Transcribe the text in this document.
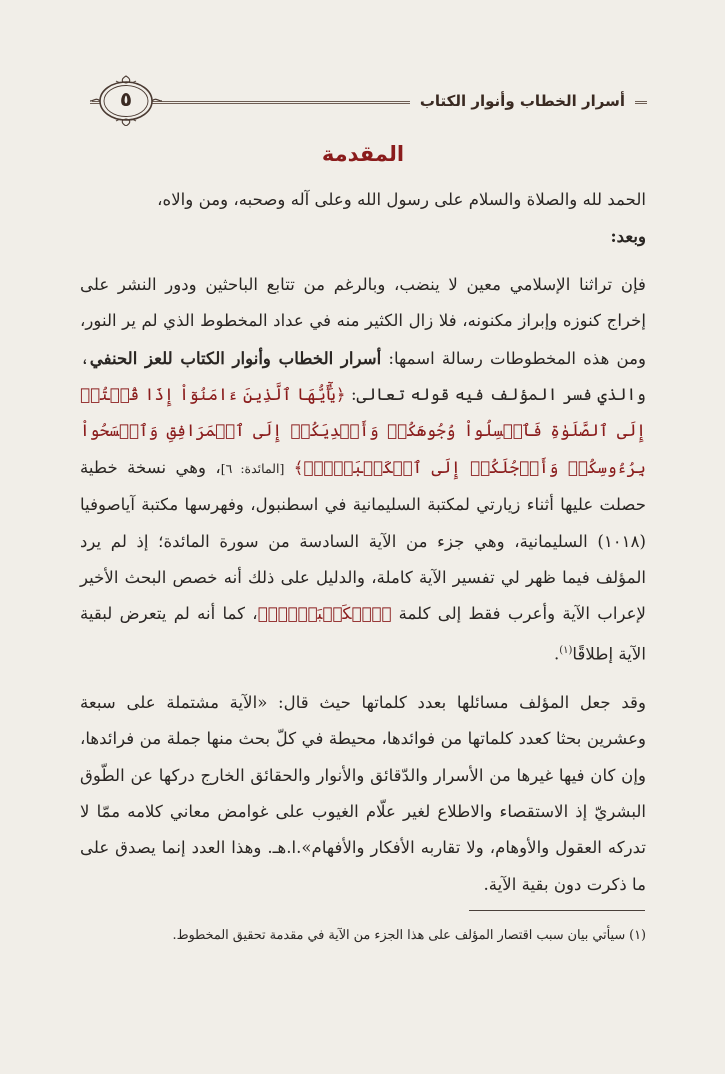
أسرار الخطاب وأنوار الكتاب
٥
المقدمة

الحمد لله والصلاة والسلام على رسول الله وعلى آله وصحبه، ومن والاه،

وبعد:

فإن تراثنا الإسلامي معين لا ينضب، وبالرغم من تتابع الباحثين ودور النشر على إخراج كنوزه وإبراز مكنونه، فلا زال الكثير منه في عداد المخطوط الذي لم ير النور، ومن هذه المخطوطات رسالة اسمها: أسرار الخطاب وأنوار الكتاب للعز الحنفي، والذي فسر المؤلف فيه قوله تعالى: ﴿يَٰٓأَيُّهَا ٱلَّذِينَ ءَامَنُوٓاْ إِذَا قُمۡتُمۡ إِلَى ٱلصَّلَوٰةِ فَٱغۡسِلُواْ وُجُوهَكُمۡ وَأَيۡدِيَكُمۡ إِلَى ٱلۡمَرَافِقِ وَٱمۡسَحُواْ بِرُءُوسِكُمۡ وَأَرۡجُلَكُمۡ إِلَى ٱلۡكَعۡبَيۡنِۚ﴾ [المائدة: ٦]، وهي نسخة خطية حصلت عليها أثناء زيارتي لمكتبة السليمانية في اسطنبول، وفهرسها مكتبة آياصوفيا (١٠١٨) السليمانية، وهي جزء من الآية السادسة من سورة المائدة؛ إذ لم يرد المؤلف فيما ظهر لي تفسير الآية كاملة، والدليل على ذلك أنه خصص البحث الأخير لإعراب الآية وأعرب فقط إلى كلمة ﴿ٱلۡكَعۡبَيۡنِۚ﴾، كما أنه لم يتعرض لبقية الآية إطلاقًا$^{(١)}$.

وقد جعل المؤلف مسائلها بعدد كلماتها حيث قال: «الآية مشتملة على سبعة وعشرين بحثا كعدد كلماتها من فوائدها، محيطة في كلّ بحث منها جملة من فرائدها، وإن كان فيها غيرها من الأسرار والدّقائق والأنوار والحقائق الخارج دركها عن الطّوق البشريّ إذ الاستقصاء والاطلاع لغير علّام الغيوب على غوامض معاني كلامه ممّا لا تدركه العقول والأوهام، ولا تقاربه الأفكار والأفهام».ا.هـ. وهذا العدد إنما يصدق على ما ذكرت دون بقية الآية.

(١) سيأتي بيان سبب اقتصار المؤلف على هذا الجزء من الآية في مقدمة تحقيق المخطوط.
